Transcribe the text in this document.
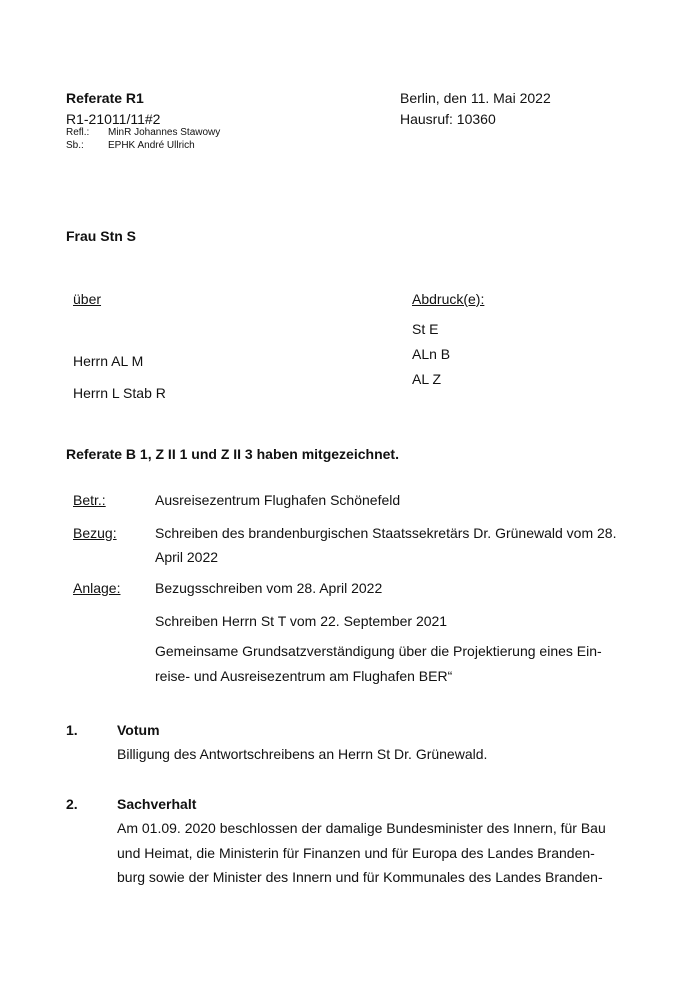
Referate R1
R1-21011/11#2
Refl.: MinR Johannes Stawowy
Sb.: EPHK André Ullrich
Berlin, den 11. Mai 2022
Hausruf: 10360
Frau Stn S
über
Herrn AL M
Herrn L Stab R
Abdruck(e):
St E
ALn B
AL Z
Referate B 1, Z II 1 und Z II 3 haben mitgezeichnet.
Betr.:	Ausreisezentrum Flughafen Schönefeld
Bezug:	Schreiben des brandenburgischen Staatssekretärs Dr. Grünewald vom 28.
April 2022
Anlage: Bezugsschreiben vom 28. April 2022
Schreiben Herrn St T vom 22. September 2021
Gemeinsame Grundsatzverständigung über die Projektierung eines Ein-
reise- und Ausreisezentrum am Flughafen BER“
1.	Votum
Billigung des Antwortschreibens an Herrn St Dr. Grünewald.
2.	Sachverhalt
Am 01.09. 2020 beschlossen der damalige Bundesminister des Innern, für Bau
und Heimat, die Ministerin für Finanzen und für Europa des Landes Branden-
burg sowie der Minister des Innern und für Kommunales des Landes Branden-
